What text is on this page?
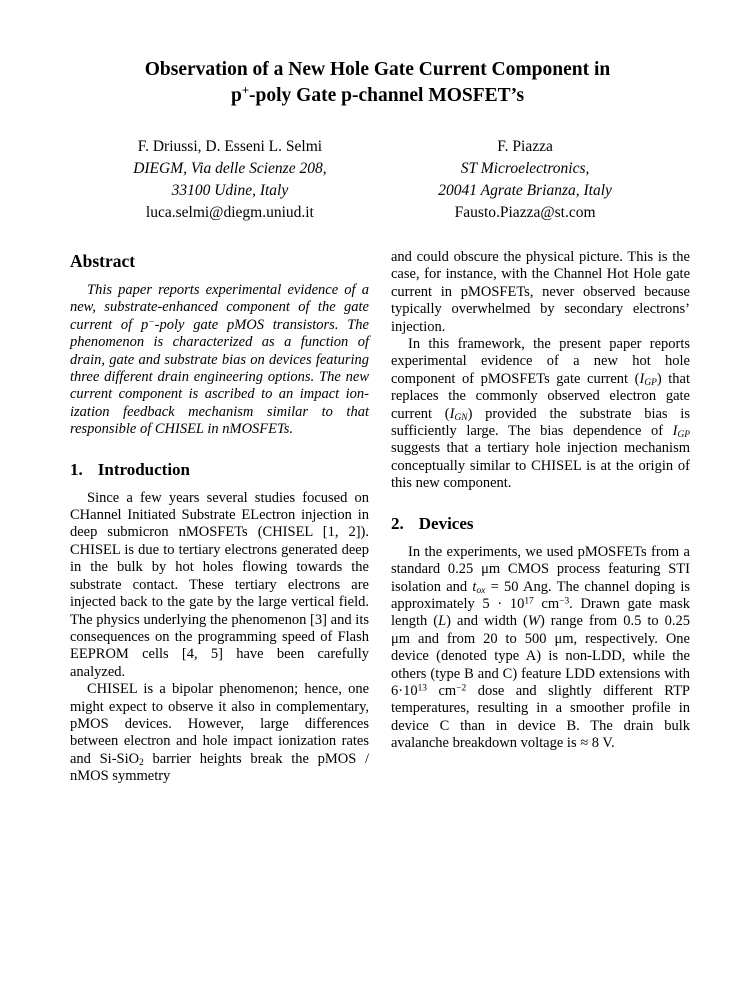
Observation of a New Hole Gate Current Component in
p+-poly Gate p-channel MOSFET’s
F. Driussi, D. Esseni L. Selmi
DIEGM, Via delle Scienze 208,
33100 Udine, Italy
luca.selmi@diegm.uniud.it
F. Piazza
ST Microelectronics,
20041 Agrate Brianza, Italy
Fausto.Piazza@st.com
Abstract

This paper reports experimental evidence of a new, substrate-enhanced component of the gate current of p−-poly gate pMOS transistors. The phenomenon is characterized as a function of drain, gate and substrate bias on devices featuring three different drain engineering options. The new current component is ascribed to an impact ionization feedback mechanism similar to that responsible of CHISEL in nMOSFETs.

1. Introduction

Since a few years several studies focused on CHannel Initiated Substrate ELectron injection in deep submicron nMOSFETs (CHISEL [1, 2]). CHISEL is due to tertiary electrons generated deep in the bulk by hot holes flowing towards the substrate contact. These tertiary electrons are injected back to the gate by the large vertical field. The physics underlying the phenomenon [3] and its consequences on the programming speed of Flash EEPROM cells [4, 5] have been carefully analyzed.

CHISEL is a bipolar phenomenon; hence, one might expect to observe it also in complementary, pMOS devices. However, large differences between electron and hole impact ionization rates and Si-SiO2 barrier heights break the pMOS / nMOS symmetry

and could obscure the physical picture. This is the case, for instance, with the Channel Hot Hole gate current in pMOSFETs, never observed because typically overwhelmed by secondary electrons’ injection.

In this framework, the present paper reports experimental evidence of a new hot hole component of pMOSFETs gate current (IGP) that replaces the commonly observed electron gate current (IGN) provided the substrate bias is sufficiently large. The bias dependence of IGP suggests that a tertiary hole injection mechanism conceptually similar to CHISEL is at the origin of this new component.

2. Devices

In the experiments, we used pMOSFETs from a standard 0.25 μm CMOS process featuring STI isolation and tox = 50 Ang. The channel doping is approximately $5 \cdot 10^{17}$ $cm^{-3}$. Drawn gate mask length (L) and width (W) range from 0.5 to 0.25 μm and from 20 to 500 μm, respectively. One device (denoted type A) is non-LDD, while the others (type B and C) feature LDD extensions with $6\cdot 10^{13}$ $cm^{-2}$ dose and slightly different RTP temperatures, resulting in a smoother profile in device C than in device B. The drain bulk avalanche breakdown voltage is ≈ 8 V.
